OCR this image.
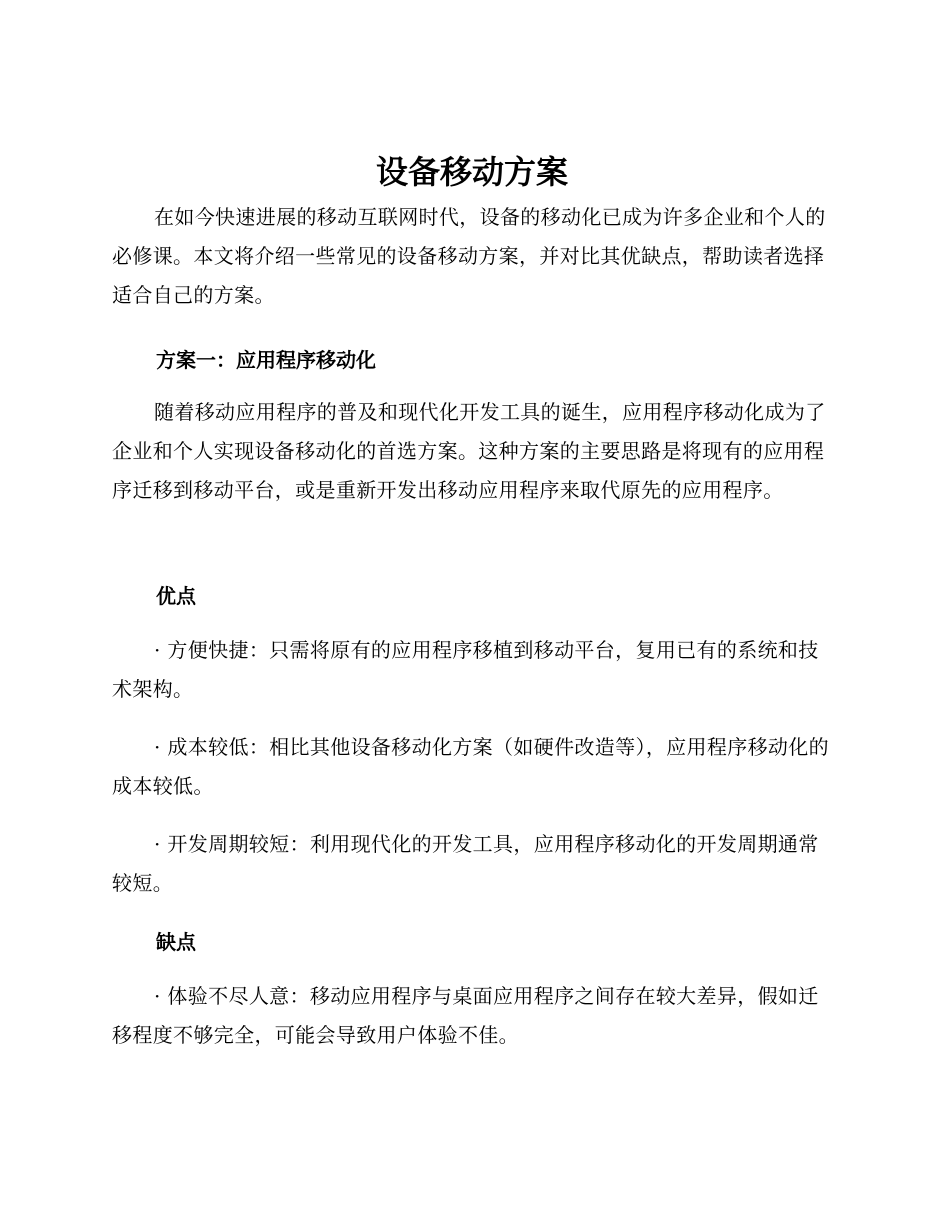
设备移动方案

在如今快速进展的移动互联网时代，设备的移动化已成为许多企业和个人的必修课。本文将介绍一些常见的设备移动方案，并对比其优缺点，帮助读者选择适合自己的方案。

方案一：应用程序移动化

随着移动应用程序的普及和现代化开发工具的诞生，应用程序移动化成为了企业和个人实现设备移动化的首选方案。这种方案的主要思路是将现有的应用程序迁移到移动平台，或是重新开发出移动应用程序来取代原先的应用程序。

优点

· 方便快捷：只需将原有的应用程序移植到移动平台，复用已有的系统和技术架构。

· 成本较低：相比其他设备移动化方案（如硬件改造等），应用程序移动化的成本较低。

· 开发周期较短：利用现代化的开发工具，应用程序移动化的开发周期通常较短。

缺点

· 体验不尽人意：移动应用程序与桌面应用程序之间存在较大差异，假如迁移程度不够完全，可能会导致用户体验不佳。
